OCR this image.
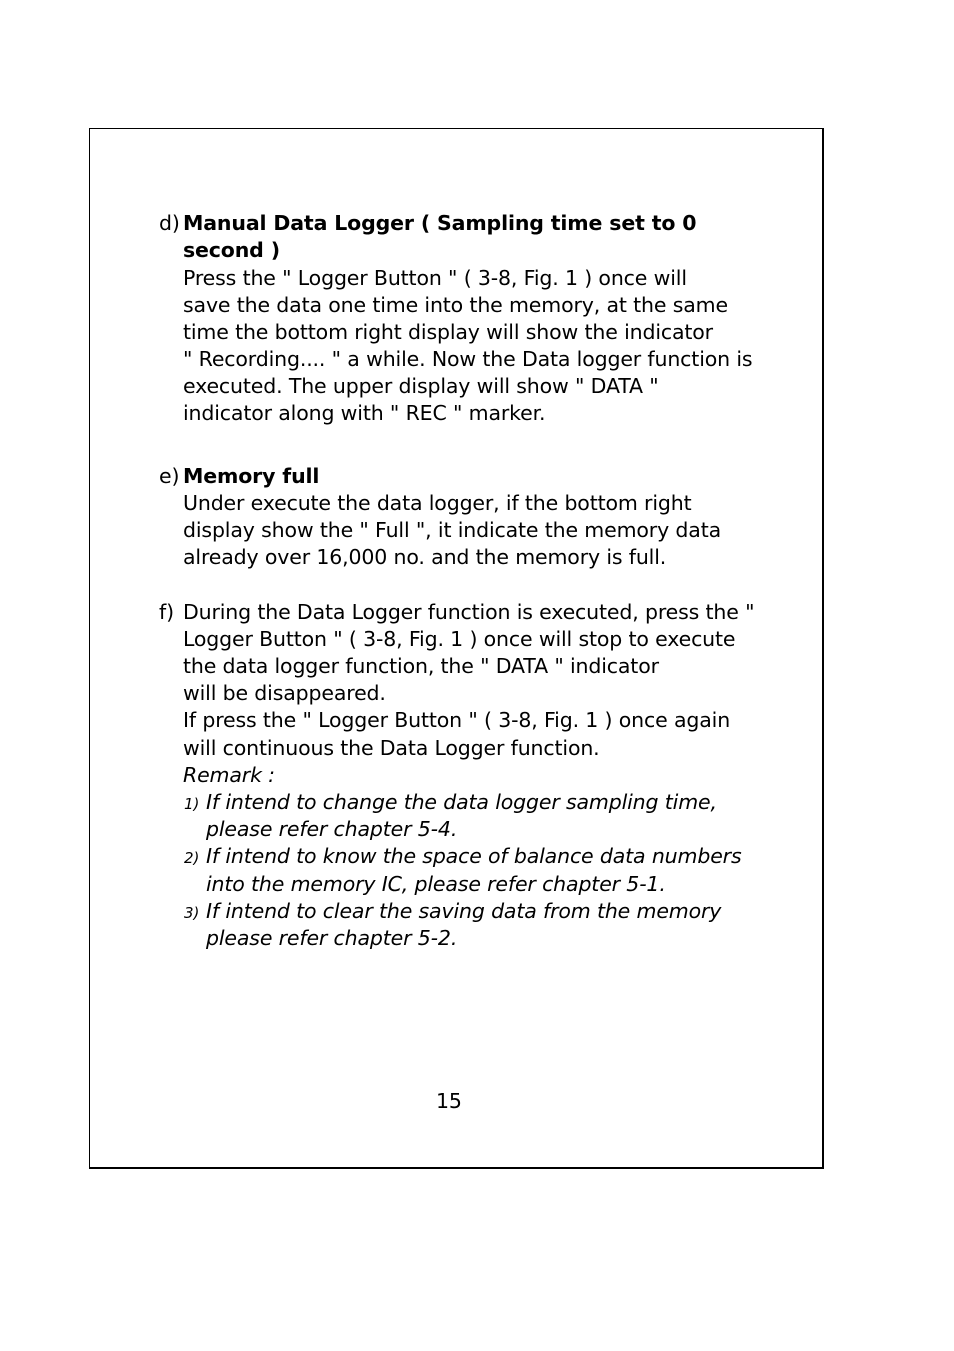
d) Manual Data Logger ( Sampling time set to 0
second )
Press the " Logger Button " ( 3-8, Fig. 1 ) once will
save the data one time into the memory, at the same
time the bottom right display will show the indicator
" Recording.... " a while. Now the Data logger function is
executed. The upper display will show " DATA "
indicator along with " REC " marker.
e) Memory full
Under execute the data logger, if the bottom right
display show the " Full ", it indicate the memory data
already over 16,000 no. and the memory is full.
f) During the Data Logger function is executed, press the "
Logger Button " ( 3-8, Fig. 1 ) once will stop to execute
the data logger function, the " DATA " indicator
will be disappeared.
If press the " Logger Button " ( 3-8, Fig. 1 ) once again
will continuous the Data Logger function.
Remark :
1) If intend to change the data logger sampling time,
please refer chapter 5-4.
2) If intend to know the space of balance data numbers
into the memory IC, please refer chapter 5-1.
3) If intend to clear the saving data from the memory
please refer chapter 5-2.
15
